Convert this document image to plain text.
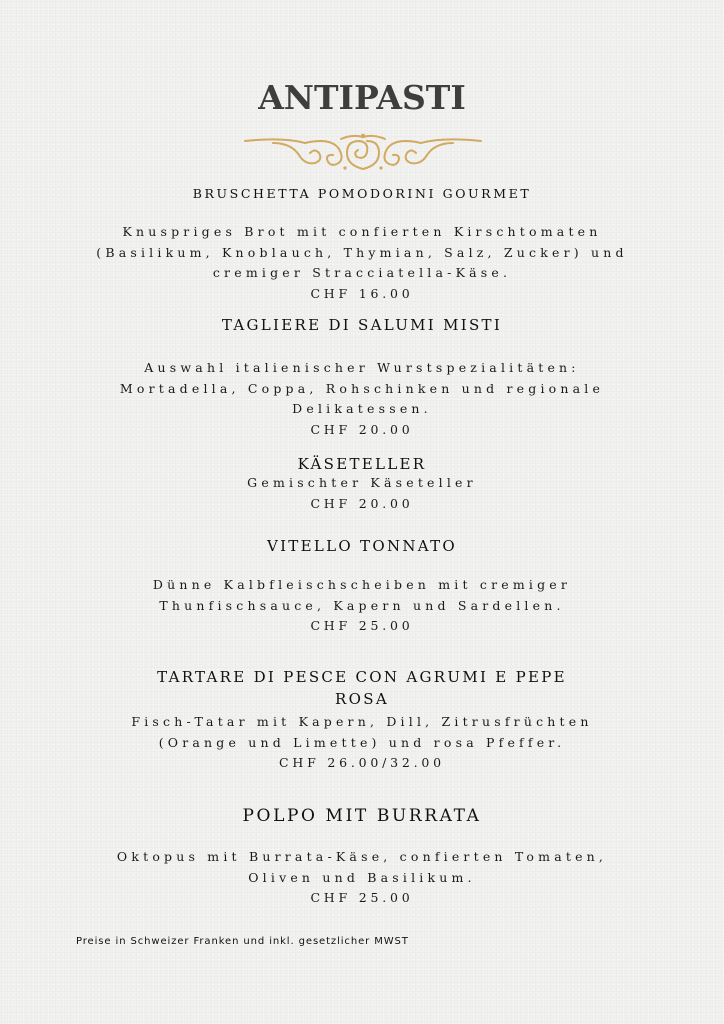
ANTIPASTI
BRUSCHETTA POMODORINI GOURMET
Knuspriges Brot mit confierten Kirschtomaten
(Basilikum, Knoblauch, Thymian, Salz, Zucker) und
cremiger Stracciatella-Käse.
CHF 16.00
TAGLIERE DI SALUMI MISTI
Auswahl italienischer Wurstspezialitäten:
Mortadella, Coppa, Rohschinken und regionale
Delikatessen.
CHF 20.00
KÄSETELLER
Gemischter Käseteller
CHF 20.00
VITELLO TONNATO
Dünne Kalbfleischscheiben mit cremiger
Thunfischsauce, Kapern und Sardellen.
CHF 25.00
TARTARE DI PESCE CON AGRUMI E PEPE
ROSA
Fisch-Tatar mit Kapern, Dill, Zitrusfrüchten
(Orange und Limette) und rosa Pfeffer.
CHF 26.00/32.00
POLPO MIT BURRATA
Oktopus mit Burrata-Käse, confierten Tomaten,
Oliven und Basilikum.
CHF 25.00

Preise in Schweizer Franken und inkl. gesetzlicher MWST
